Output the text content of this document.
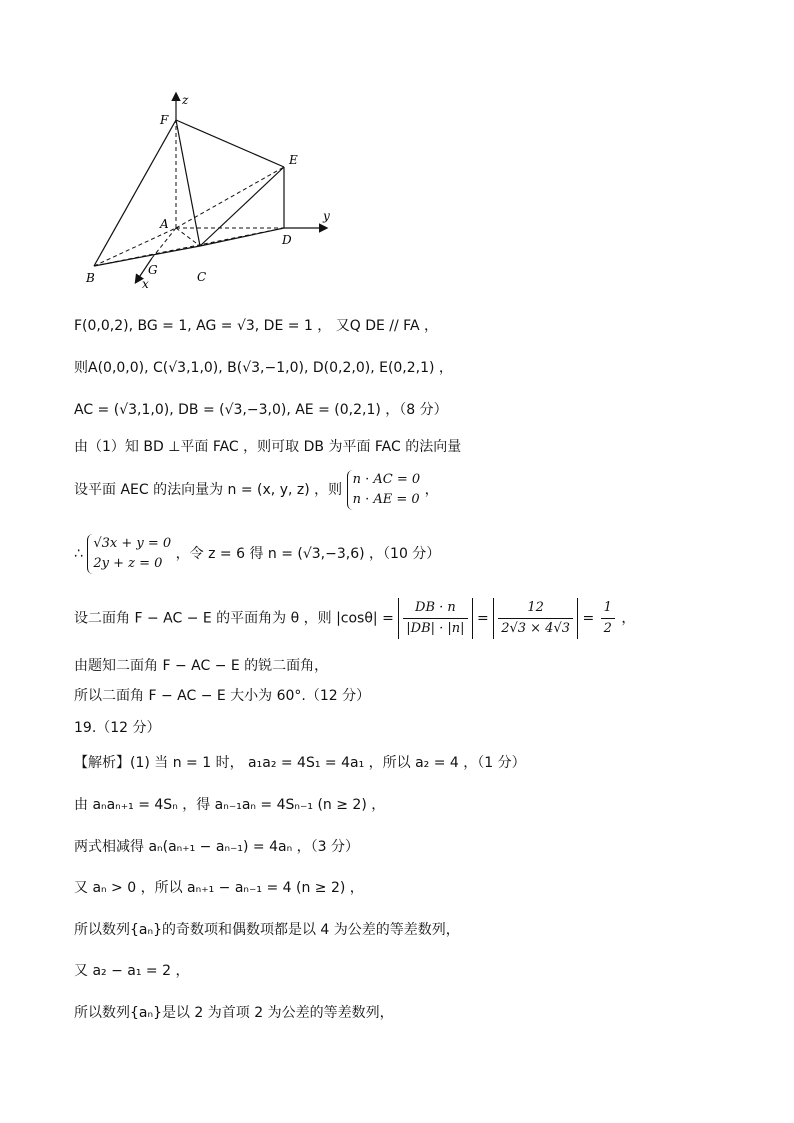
z
F
E
A
D
y
B
G	C
x
F(0,0,2), BG = 1, AG = √3, DE = 1 ， 又Q DE // FA ，
则A(0,0,0), C(√3,1,0), B(√3,−1,0), D(0,2,0), E(0,2,1) ，
AC = (√3,1,0), DB = (√3,−3,0), AE = (0,2,1) ，（8 分）
由（1）知 BD ⊥平面 FAC ，则可取 DB 为平面 FAC 的法向量
设平面 AEC 的法向量为 n = (x, y, z) ，则
n · AC = 0
n · AE = 0
，
∴
√3x + y = 0
2y + z = 0
，令 z = 6 得 n = (√3,−3,6) ，（10 分）
设二面角 F − AC − E 的平面角为 θ ，则 $|\cos\theta| = \frac{DB \cdot n}{|DB| \cdot |n|} = \frac{12}{2√3 \times 4√3} = \frac{1}{2}$ ，
由题知二面角 F − AC − E 的锐二面角，
所以二面角 F − AC − E 大小为 60°.（12 分）
19.（12 分）
【解析】(1) 当 n = 1 时， a₁a₂ = 4S₁ = 4a₁ ，所以 a₂ = 4 ，（1 分）
由 aₙaₙ₊₁ = 4Sₙ ，得 aₙ₋₁aₙ = 4Sₙ₋₁ (n ≥ 2) ，
两式相减得 aₙ(aₙ₊₁ − aₙ₋₁) = 4aₙ ，（3 分）
又 aₙ > 0 ，所以 aₙ₊₁ − aₙ₋₁ = 4 (n ≥ 2) ，
所以数列{aₙ}的奇数项和偶数项都是以 4 为公差的等差数列，
又 a₂ − a₁ = 2 ，
所以数列{aₙ}是以 2 为首项 2 为公差的等差数列，
